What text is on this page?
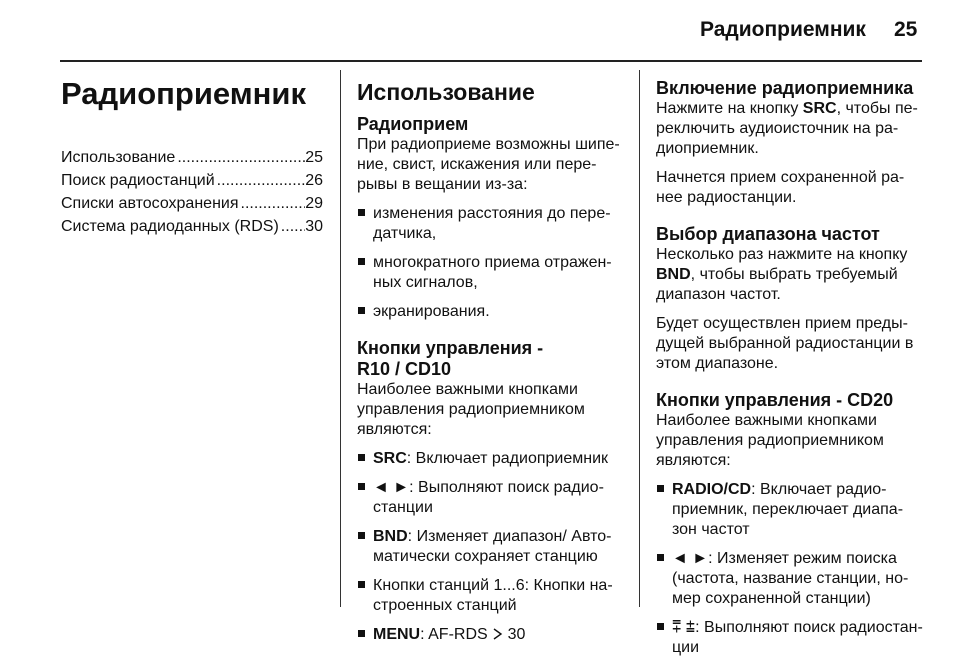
Радиоприемник 25
Радиоприемник
Использование .....	25
Поиск радиостанций .....	26
Списки автосохранения .....	29
Система радиоданных (RDS) ..... 30
Использование
Радиоприем

При радиоприеме возможны шипе-
ние, свист, искажения или пере-
рывы в вещании из-за:

изменения расстояния до пере-
датчика,
многократного приема отражен-
ных сигналов,
экранирования.
Кнопки управления -
R10 / CD10

Наиболее важными кнопками
управления радиоприемником
являются:

SRC: Включает радиоприемник
◄ ►: Выполняют поиск радио-
станции
BND: Изменяет диапазон/ Авто-
матически сохраняет станцию
Кнопки станций 1...6: Кнопки на-
строенных станций
MENU: AF-RDS  30
Включение радиоприемника

Нажмите на кнопку SRC, чтобы пе-
реключить аудиоисточник на ра-
диоприемник.

Начнется прием сохраненной ра-
нее радиостанции.

Выбор диапазона частот

Несколько раз нажмите на кнопку
BND, чтобы выбрать требуемый
диапазон частот.

Будет осуществлен прием преды-
дущей выбранной радиостанции в
этом диапазоне.

Кнопки управления - CD20

Наиболее важными кнопками
управления радиоприемником
являются:

RADIO/CD: Включает радио-
приемник, переключает диапа-
зон частот
◄ ►: Изменяет режим поиска
(частота, название станции, но-
мер сохраненной станции)
⩱ ⩲: Выполняют поиск радиостан-
ции
